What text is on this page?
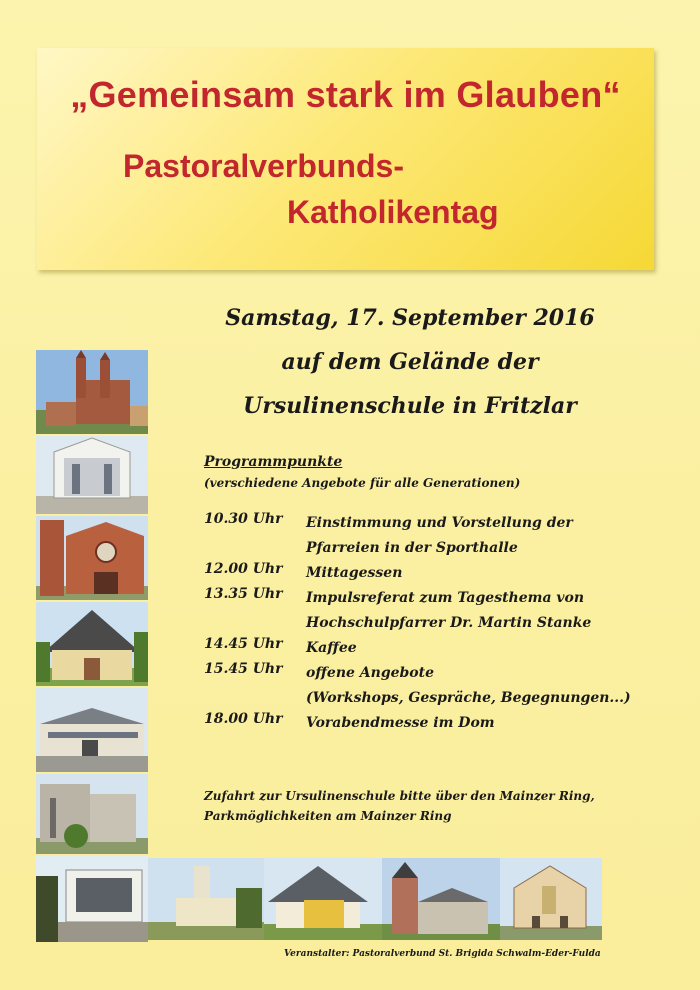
„Gemeinsam stark im Glauben“
Pastoralverbunds-
Katholikentag
Samstag, 17. September 2016
auf dem Gelände der
Ursulinenschule in Fritzlar

Programmpunkte

(verschiedene Angebote für alle Generationen)

10.30 Uhr	Einstimmung und Vorstellung der
Pfarreien in der Sporthalle
12.00 Uhr	Mittagessen
13.35 Uhr	Impulsreferat zum Tagesthema von
Hochschulpfarrer Dr. Martin Stanke
14.45 Uhr	Kaffee
15.45 Uhr	offene Angebote
(Workshops, Gespräche, Begegnungen...)
18.00 Uhr	Vorabendmesse im Dom
Zufahrt zur Ursulinenschule bitte über den Mainzer Ring,
Parkmöglichkeiten am Mainzer Ring
Veranstalter: Pastoralverbund St. Brigida Schwalm-Eder-Fulda
